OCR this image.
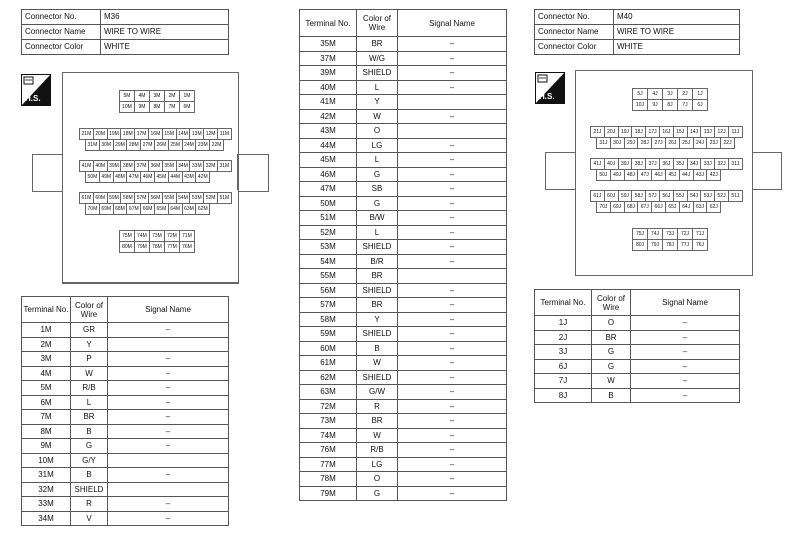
Connector No.	M36
Connector Name	WIRE TO WIRE
Connector Color	WHITE
H.S.	5M	4M	3M	2M	1M
10M	9M	8M	7M	6M
21M 20M 19M 18M 17M 16M 15M 14M 13M 12M 11M
31M 30M 29M 28M 27M 26M 25M 24M 23M 22M
41M 40M 39M 38M 37M 36M 35M 34M 33M 32M 31M
50M 49M 48M 47M 46M 45M 44M 43M 42M
61M 60M 59M 58M 57M 56M 55M 54M 53M 52M 51M
70M 69M 68M 67M 66M 65M 64M 63M 62M
75M	74M	73M	72M	71M
80M	79M	78M	77M	76M
Terminal No.	Color of Wire	Signal Name
1M	GR	–
2M	Y	
3M	P	–
4M	W	–
5M	R/B	–
6M	L	–
7M	BR	–
8M	B	–
9M	G	–
10M	G/Y	
31M	B	–
32M	SHIELD	
33M	R	–
34M	V	–
Terminal No.	Color of Wire	Signal Name
35M	BR	–
37M	W/G	–
39M	SHIELD	–
40M	L	–
41M	Y	
42M	W	–
43M	O	
44M	LG	–
45M	L	–
46M	G	–
47M	SB	–
50M	G	–
51M	B/W	–
52M	L	–
53M	SHIELD	–
54M	B/R	–
55M	BR	
56M	SHIELD	–
57M	BR	–
58M	Y	–
59M	SHIELD	–
60M	B	–
61M	W	–
62M	SHIELD	–
63M	G/W	–
72M	R	–
73M	BR	–
74M	W	–
76M	R/B	–
77M	LG	–
78M	O	–
79M	G	–
Connector No.	M40
Connector Name	WIRE TO WIRE
Connector Color	WHITE
H.S.	5J	4J	3J	2J	1J
10J	9J	8J	7J	6J
21J	20J	19J	18J	17J	16J	15J	14J	13J	12J	11J
31J	30J	29J	28J	27J	26J	25J	24J	23J	22J
41J	40J	39J	38J	37J	36J	35J	34J	33J	32J	31J
50J	49J	48J	47J	46J	45J	44J	43J	42J
61J	60J	59J	58J	57J	56J	55J	54J	53J	52J	51J
70J	69J	68J	67J	66J	65J	64J	63J	62J
75J	74J	73J	72J	71J
80J	79J	78J	77J	76J
Terminal No.	Color of Wire	Signal Name
1J	O	–
2J	BR	–
3J	G	–
6J	G	–
7J	W	–
8J	B	–
